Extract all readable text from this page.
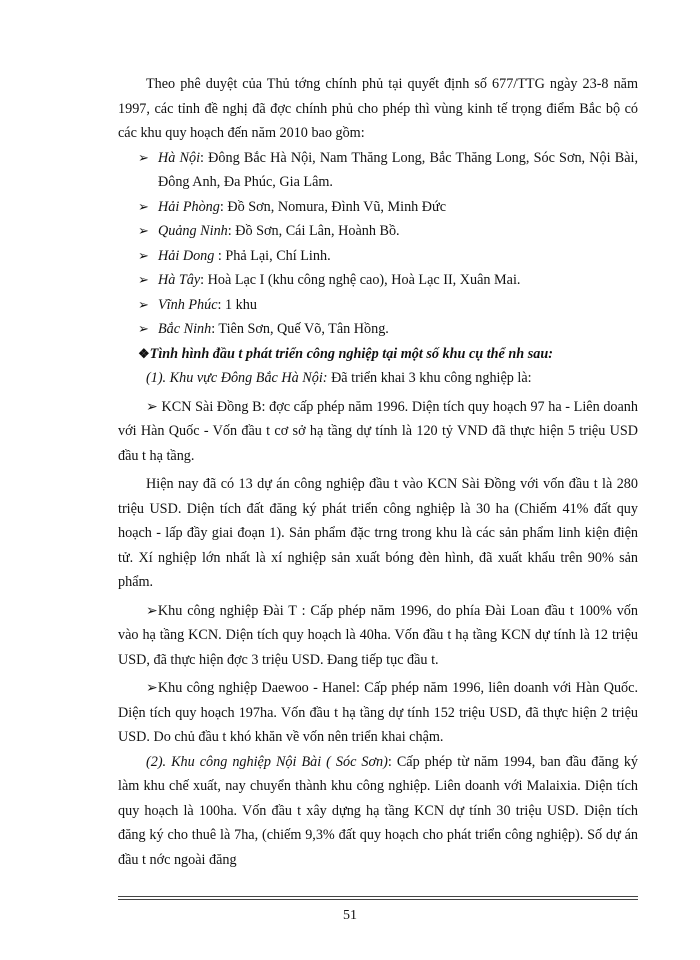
Theo phê duyệt của Thủ tớng chính phủ tại quyết định số 677/TTG ngày 23-8 năm 1997, các tỉnh đề nghị đã đợc chính phủ cho phép thì vùng kinh tế trọng điểm Bắc bộ có các khu quy hoạch đến năm 2010 bao gồm:

➢ Hà Nội: Đông Bắc Hà Nội, Nam Thăng Long, Bắc Thăng Long, Sóc Sơn, Nội Bài, Đông Anh, Đa Phúc, Gia Lâm.

➢ Hải Phòng: Đồ Sơn, Nomura, Đình Vũ, Minh Đức

➢ Quảng Ninh: Đồ Sơn, Cái Lân, Hoành Bồ.

➢ Hải Dong : Phả Lại, Chí Linh.

➢ Hà Tây: Hoà Lạc I (khu công nghệ cao), Hoà Lạc II, Xuân Mai.

➢ Vĩnh Phúc: 1 khu

➢ Bắc Ninh: Tiên Sơn, Quế Võ, Tân Hồng.

❖Tình hình đầu t phát triển công nghiệp tại một số khu cụ thể nh sau:

(1). Khu vực Đông Bắc Hà Nội: Đã triển khai 3 khu công nghiệp là:

➢ KCN Sài Đồng B: đợc cấp phép năm 1996. Diện tích quy hoạch 97 ha - Liên doanh với Hàn Quốc - Vốn đầu t cơ sở hạ tầng dự tính là 120 tỷ VND đã thực hiện 5 triệu USD đầu t hạ tầng.

Hiện nay đã có 13 dự án công nghiệp đầu t vào KCN Sài Đồng với vốn đầu t là 280 triệu USD. Diện tích đất đăng ký phát triển công nghiệp là 30 ha (Chiếm 41% đất quy hoạch - lấp đầy giai đoạn 1). Sản phẩm đặc trng trong khu là các sản phẩm linh kiện điện tử. Xí nghiệp lớn nhất là xí nghiệp sản xuất bóng đèn hình, đã xuất khẩu trên 90% sản phẩm.

➢Khu công nghiệp Đài T : Cấp phép năm 1996, do phía Đài Loan đầu t 100% vốn vào hạ tầng KCN. Diện tích quy hoạch là 40ha. Vốn đầu t hạ tầng KCN dự tính là 12 triệu USD, đã thực hiện đợc 3 triệu USD. Đang tiếp tục đầu t.

➢Khu công nghiệp Daewoo - Hanel: Cấp phép năm 1996, liên doanh với Hàn Quốc. Diện tích quy hoạch 197ha. Vốn đầu t hạ tầng dự tính 152 triệu USD, đã thực hiện 2 triệu USD. Do chủ đầu t khó khăn về vốn nên triển khai chậm.

(2). Khu công nghiệp Nội Bài ( Sóc Sơn): Cấp phép từ năm 1994, ban đầu đăng ký làm khu chế xuất, nay chuyển thành khu công nghiệp. Liên doanh với Malaixia. Diện tích quy hoạch là 100ha. Vốn đầu t xây dựng hạ tầng KCN dự tính 30 triệu USD. Diện tích đăng ký cho thuê là 7ha, (chiếm 9,3% đất quy hoạch cho phát triển công nghiệp). Số dự án đầu t nớc ngoài đăng

51
